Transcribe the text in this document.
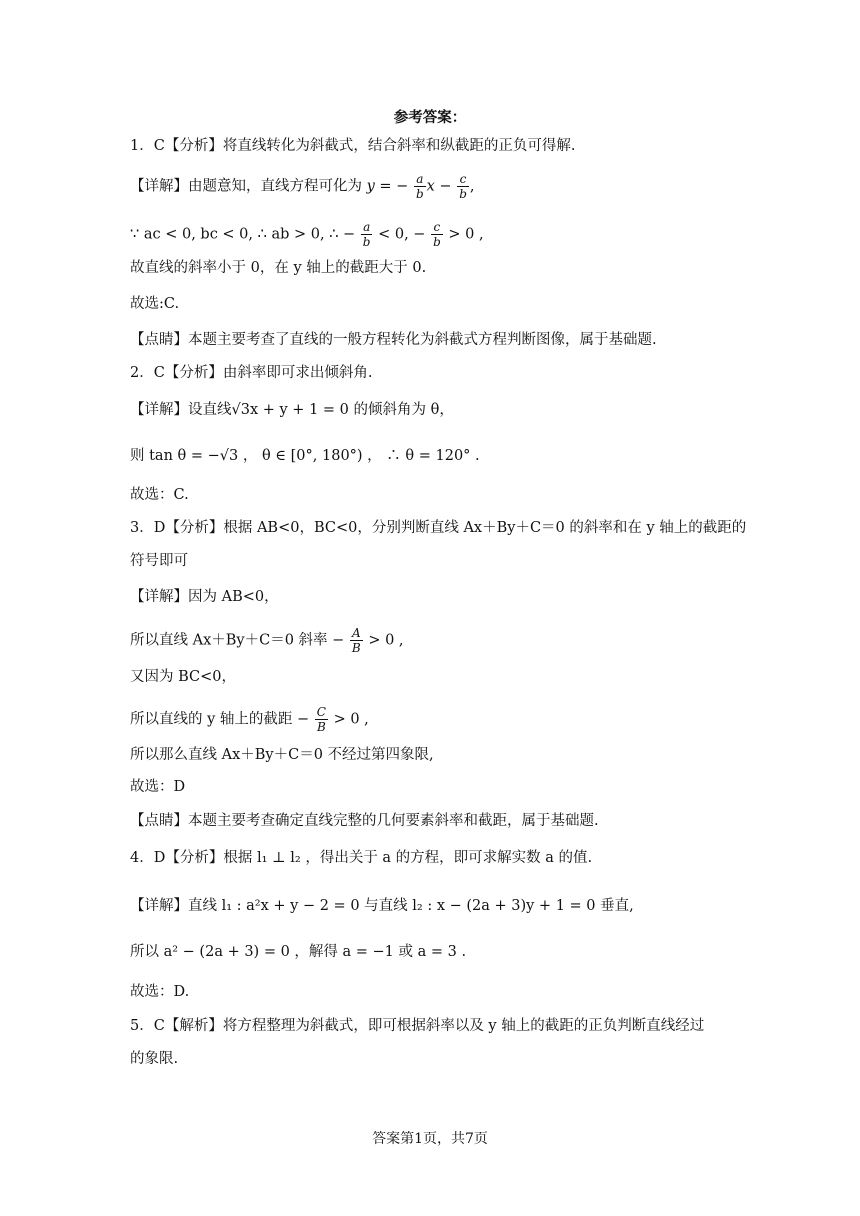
参考答案：
1．C【分析】将直线转化为斜截式，结合斜率和纵截距的正负可得解.
【详解】由题意知，直线方程可化为 y = − $\frac{a}{b}$ $x - \frac{c}{b}$ ,
∵ ac < 0, bc < 0, ∴ ab > 0, ∴ − $\frac{a}{b} < 0$, − $\frac{c}{b} > 0$ ,
故直线的斜率小于 0，在 y 轴上的截距大于 0.
故选:C.
【点睛】本题主要考查了直线的一般方程转化为斜截式方程判断图像，属于基础题.
2．C【分析】由斜率即可求出倾斜角.
【详解】设直线√3x + y + 1 = 0 的倾斜角为 θ，
则 tan θ = −√3 ， θ ∈ [0°, 180°) ， ∴ θ = 120° .
故选：C.
3．D【分析】根据 AB<0，BC<0，分别判断直线 Ax＋By＋C＝0 的斜率和在 y 轴上的截距的
符号即可
【详解】因为 AB<0，
所以直线 Ax＋By＋C＝0 斜率 − $\frac{A}{B} > 0$ ,
又因为 BC<0，
所以直线的 y 轴上的截距 − $\frac{C}{B} > 0$ ,
所以那么直线 Ax＋By＋C＝0 不经过第四象限,
故选：D
【点睛】本题主要考查确定直线完整的几何要素斜率和截距，属于基础题.
4．D【分析】根据 l₁ ⊥ l₂ ，得出关于 a 的方程，即可求解实数 a 的值.
【详解】直线 l₁ : a²x + y − 2 = 0 与直线 l₂ : x − (2a + 3)y + 1 = 0 垂直,
所以 a² − (2a + 3) = 0 ，解得 a = −1 或 a = 3 .
故选：D.
5．C【解析】将方程整理为斜截式，即可根据斜率以及 y 轴上的截距的正负判断直线经过
的象限.
答案第1页，共7页
